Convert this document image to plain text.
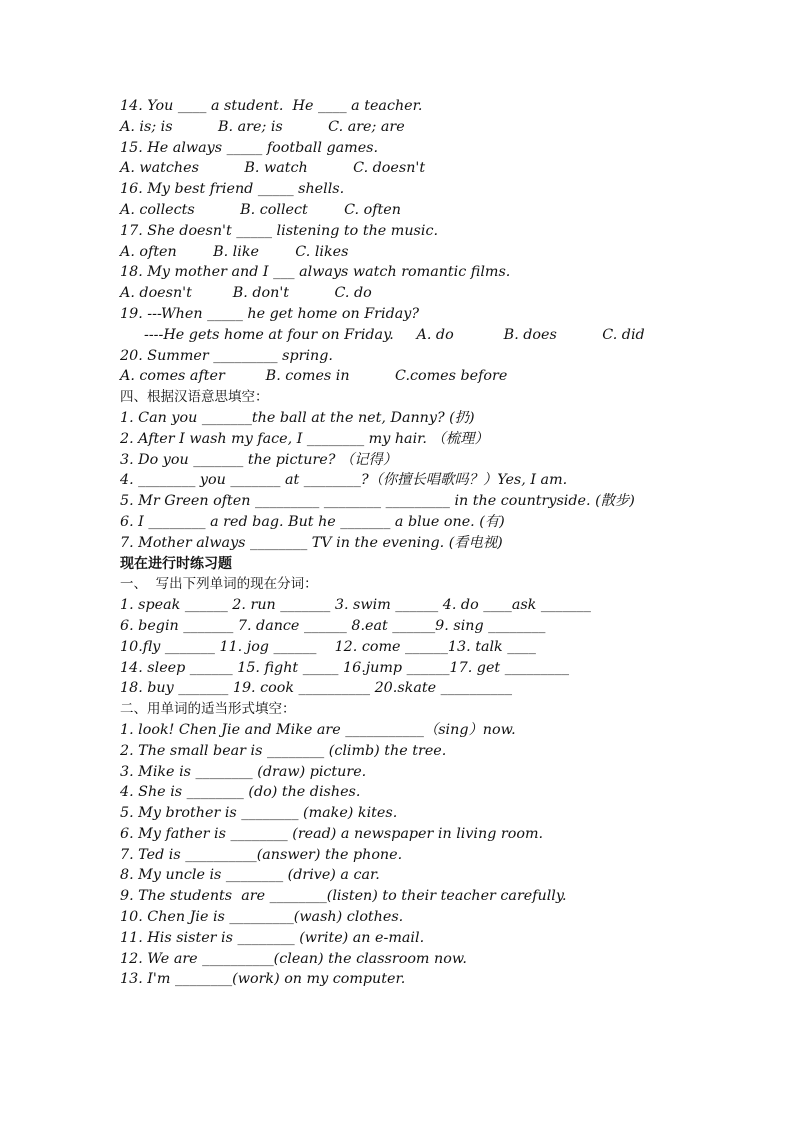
14. You ____ a student.  He ____ a teacher.
A. is; is          B. are; is          C. are; are
15. He always _____ football games.
A. watches          B. watch          C. doesn't
16. My best friend _____ shells.
A. collects          B. collect        C. often
17. She doesn't _____ listening to the music.
A. often        B. like        C. likes
18. My mother and I ___ always watch romantic films.
A. doesn't         B. don't          C. do
19. ---When _____ he get home on Friday?
----He gets home at four on Friday.     A. do           B. does          C. did
20. Summer _________ spring.
A. comes after         B. comes in          C.comes before
四、根据汉语意思填空：
1. Can you _______the ball at the net, Danny? (扔)
2. After I wash my face, I ________ my hair. （梳理）
3. Do you _______ the picture? （记得）
4. ________ you _______ at ________?（你擅长唱歌吗？）Yes, I am.
5. Mr Green often _________ ________ _________ in the countryside. (散步)
6. I ________ a red bag. But he _______ a blue one. (有)
7. Mother always ________ TV in the evening. (看电视)
现在进行时练习题
一、  写出下列单词的现在分词：
1. speak ______ 2. run _______ 3. swim ______ 4. do ____ask _______
6. begin _______ 7. dance ______ 8.eat ______9. sing ________
10.fly _______ 11. jog ______    12. come ______13. talk ____
14. sleep ______ 15. fight _____ 16.jump ______17. get _________
18. buy _______ 19. cook __________ 20.skate __________
二、用单词的适当形式填空：
1. look! Chen Jie and Mike are ___________（sing）now.
2. The small bear is ________ (climb) the tree.
3. Mike is ________ (draw) picture.
4. She is ________ (do) the dishes.
5. My brother is ________ (make) kites.
6. My father is ________ (read) a newspaper in living room.
7. Ted is __________(answer) the phone.
8. My uncle is ________ (drive) a car.
9. The students  are ________(listen) to their teacher carefully.
10. Chen Jie is _________(wash) clothes.
11. His sister is ________ (write) an e-mail.
12. We are __________(clean) the classroom now.
13. I'm ________(work) on my computer.
